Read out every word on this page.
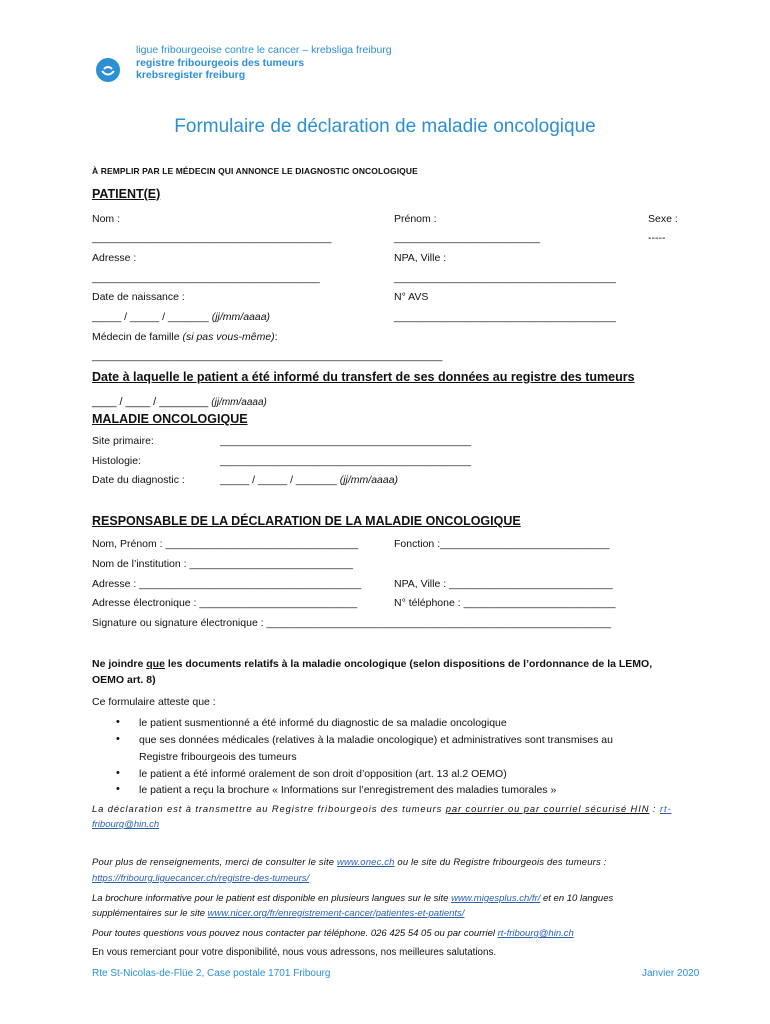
ligue fribourgeoise contre le cancer – krebsliga freiburg
registre fribourgeois des tumeurs
krebsregister freiburg
Formulaire de déclaration de maladie oncologique
À REMPLIR PAR LE MÉDECIN QUI ANNONCE LE DIAGNOSTIC ONCOLOGIQUE
PATIENT(E)
Nom :
_________________________________________
Prénom :
_________________________
Sexe :
-----
Adresse :
_______________________________________
NPA, Ville :
______________________________________
Date de naissance :
_____ / _____ / _______ (jj/mm/aaaa)
N° AVS
______________________________________
Médecin de famille (si pas vous-même):
____________________________________________________________
Date à laquelle le patient a été informé du transfert de ses données au registre des tumeurs
____ / ____ / ________ (jj/mm/aaaa)
MALADIE ONCOLOGIQUE
Site primaire:	___________________________________________
Histologie:	___________________________________________
Date du diagnostic :	_____ / _____ / _______ (jj/mm/aaaa)
RESPONSABLE DE LA DÉCLARATION DE LA MALADIE ONCOLOGIQUE
Nom, Prénom : _________________________________	Fonction :_____________________________
Nom de l’institution : ____________________________
Adresse : ______________________________________	NPA, Ville : ____________________________
Adresse électronique : ___________________________	N° téléphone : __________________________
Signature ou signature électronique : ___________________________________________________________
Ne joindre que les documents relatifs à la maladie oncologique (selon dispositions de l’ordonnance de la LEMO,
OEMO art. 8)
Ce formulaire atteste que :
• le patient susmentionné a été informé du diagnostic de sa maladie oncologique
• que ses données médicales (relatives à la maladie oncologique) et administratives sont transmises au
Registre fribourgeois des tumeurs
• le patient a été informé oralement de son droit d’opposition (art. 13 al.2 OEMO)
• le patient a reçu la brochure « Informations sur l’enregistrement des maladies tumorales »
La déclaration est à transmettre au Registre fribourgeois des tumeurs par courrier ou par courriel sécurisé HIN : rt-
fribourg@hin.ch
Pour plus de renseignements, merci de consulter le site www.onec.ch ou le site du Registre fribourgeois des tumeurs :
https://fribourg.liguecancer.ch/registre-des-tumeurs/
La brochure informative pour le patient est disponible en plusieurs langues sur le site www.migesplus.ch/fr/ et en 10 langues
supplémentaires sur le site www.nicer.org/fr/enregistrement-cancer/patientes-et-patients/
Pour toutes questions vous pouvez nous contacter par téléphone. 026 425 54 05 ou par courriel rt-fribourg@hin.ch
En vous remerciant pour votre disponibilité, nous vous adressons, nos meilleures salutations.
Rte St-Nicolas-de-Flüe 2, Case postale 1701 Fribourg	Janvier 2020
